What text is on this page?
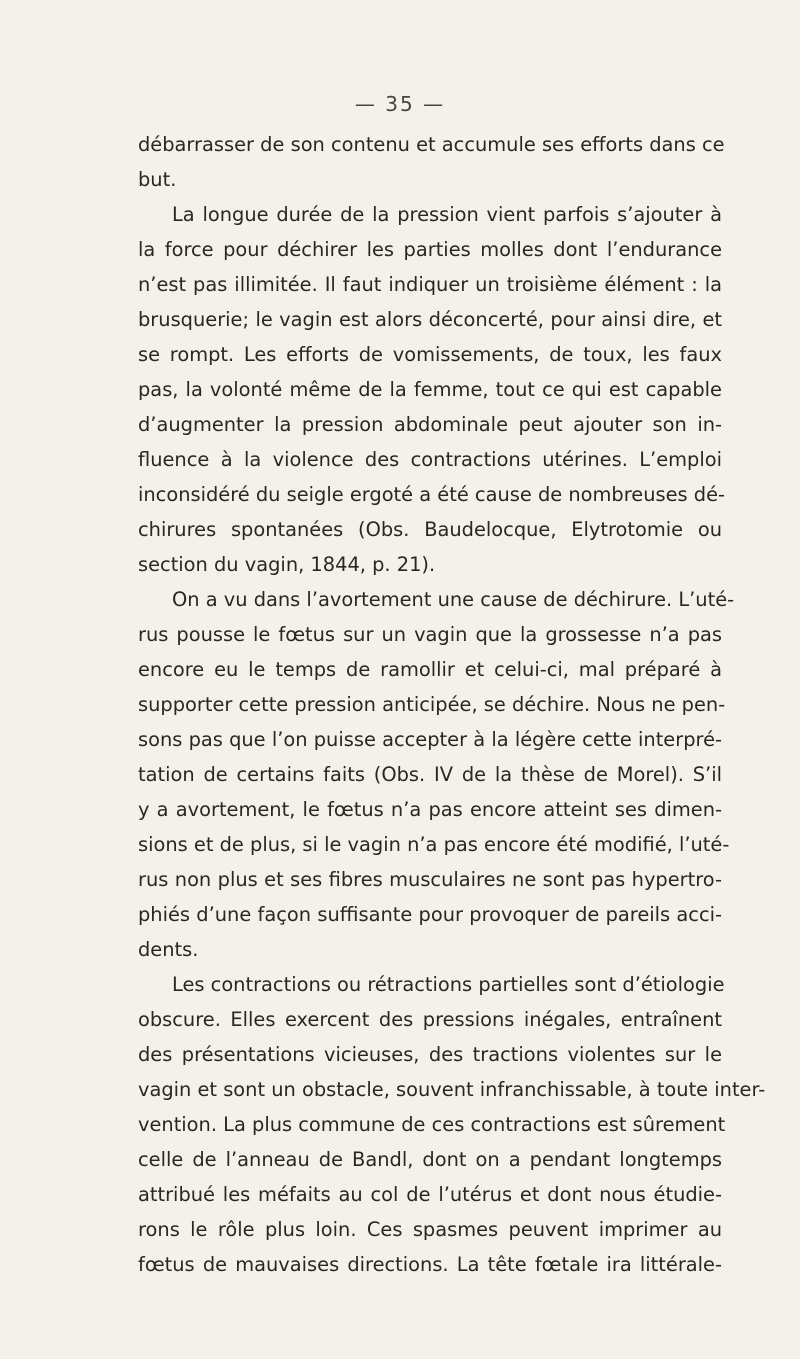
— 35 —
débarrasser de son contenu et accumule ses efforts dans ce
but.
La longue durée de la pression vient parfois s’ajouter à
la force pour déchirer les parties molles dont l’endurance
n’est pas illimitée. Il faut indiquer un troisième élément : la
brusquerie; le vagin est alors déconcerté, pour ainsi dire, et
se rompt. Les efforts de vomissements, de toux, les faux
pas, la volonté même de la femme, tout ce qui est capable
d’augmenter la pression abdominale peut ajouter son in-
fluence à la violence des contractions utérines. L’emploi
inconsidéré du seigle ergoté a été cause de nombreuses dé-
chirures spontanées (Obs. Baudelocque, Elytrotomie ou
section du vagin, 1844, p. 21).
On a vu dans l’avortement une cause de déchirure. L’uté-
rus pousse le fœtus sur un vagin que la grossesse n’a pas
encore eu le temps de ramollir et celui-ci, mal préparé à
supporter cette pression anticipée, se déchire. Nous ne pen-
sons pas que l’on puisse accepter à la légère cette interpré-
tation de certains faits (Obs. IV de la thèse de Morel). S’il
y a avortement, le fœtus n’a pas encore atteint ses dimen-
sions et de plus, si le vagin n’a pas encore été modifié, l’uté-
rus non plus et ses fibres musculaires ne sont pas hypertro-
phiés d’une façon suffisante pour provoquer de pareils acci-
dents.
Les contractions ou rétractions partielles sont d’étiologie
obscure. Elles exercent des pressions inégales, entraînent
des présentations vicieuses, des tractions violentes sur le
vagin et sont un obstacle, souvent infranchissable, à toute inter-
vention. La plus commune de ces contractions est sûrement
celle de l’anneau de Bandl, dont on a pendant longtemps
attribué les méfaits au col de l’utérus et dont nous étudie-
rons le rôle plus loin. Ces spasmes peuvent imprimer au
fœtus de mauvaises directions. La tête fœtale ira littérale-
